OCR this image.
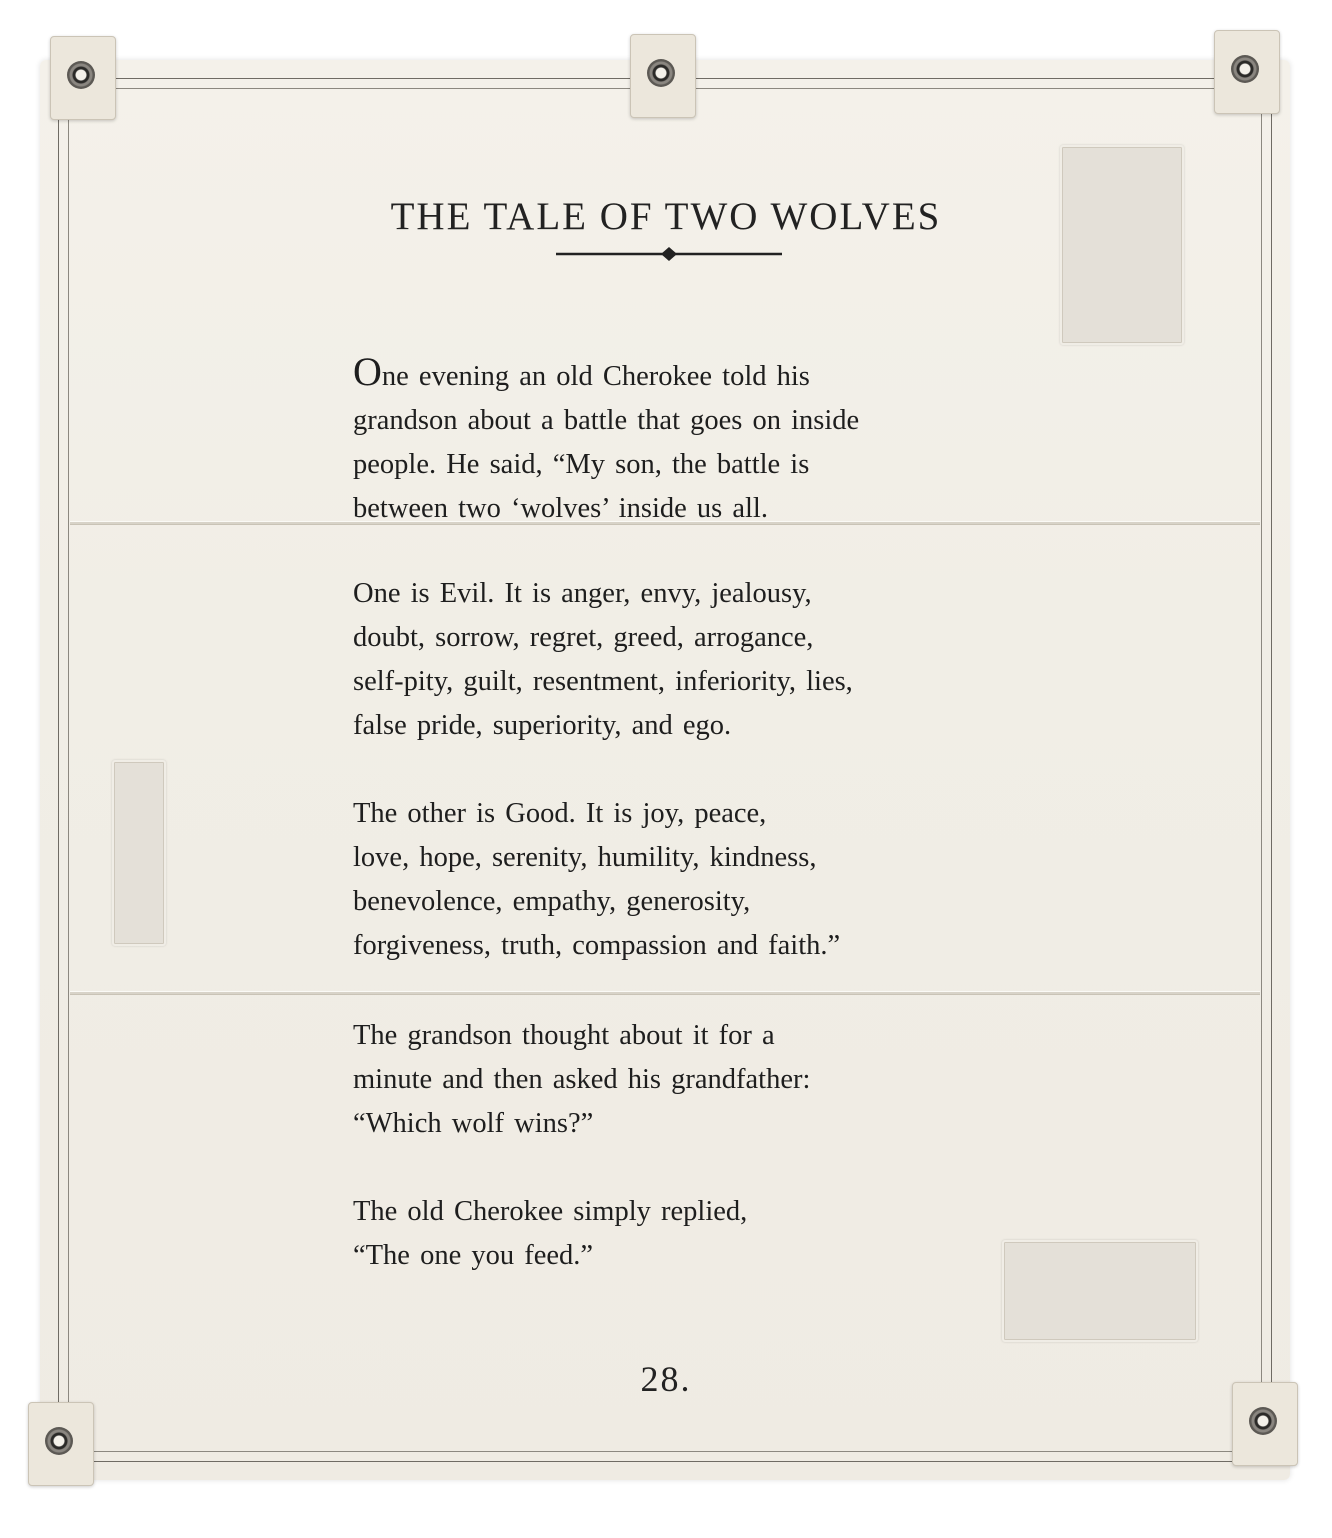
THE TALE OF TWO WOLVES

One evening an old Cherokee told his
grandson about a battle that goes on inside
people. He said, “My son, the battle is
between two ‘wolves’ inside us all.

One is Evil. It is anger, envy, jealousy,
doubt, sorrow, regret, greed, arrogance,
self-pity, guilt, resentment, inferiority, lies,
false pride, superiority, and ego.

The other is Good. It is joy, peace,
love, hope, serenity, humility, kindness,
benevolence, empathy, generosity,
forgiveness, truth, compassion and faith.”

The grandson thought about it for a
minute and then asked his grandfather:
“Which wolf wins?”

The old Cherokee simply replied,
“The one you feed.”

28.
